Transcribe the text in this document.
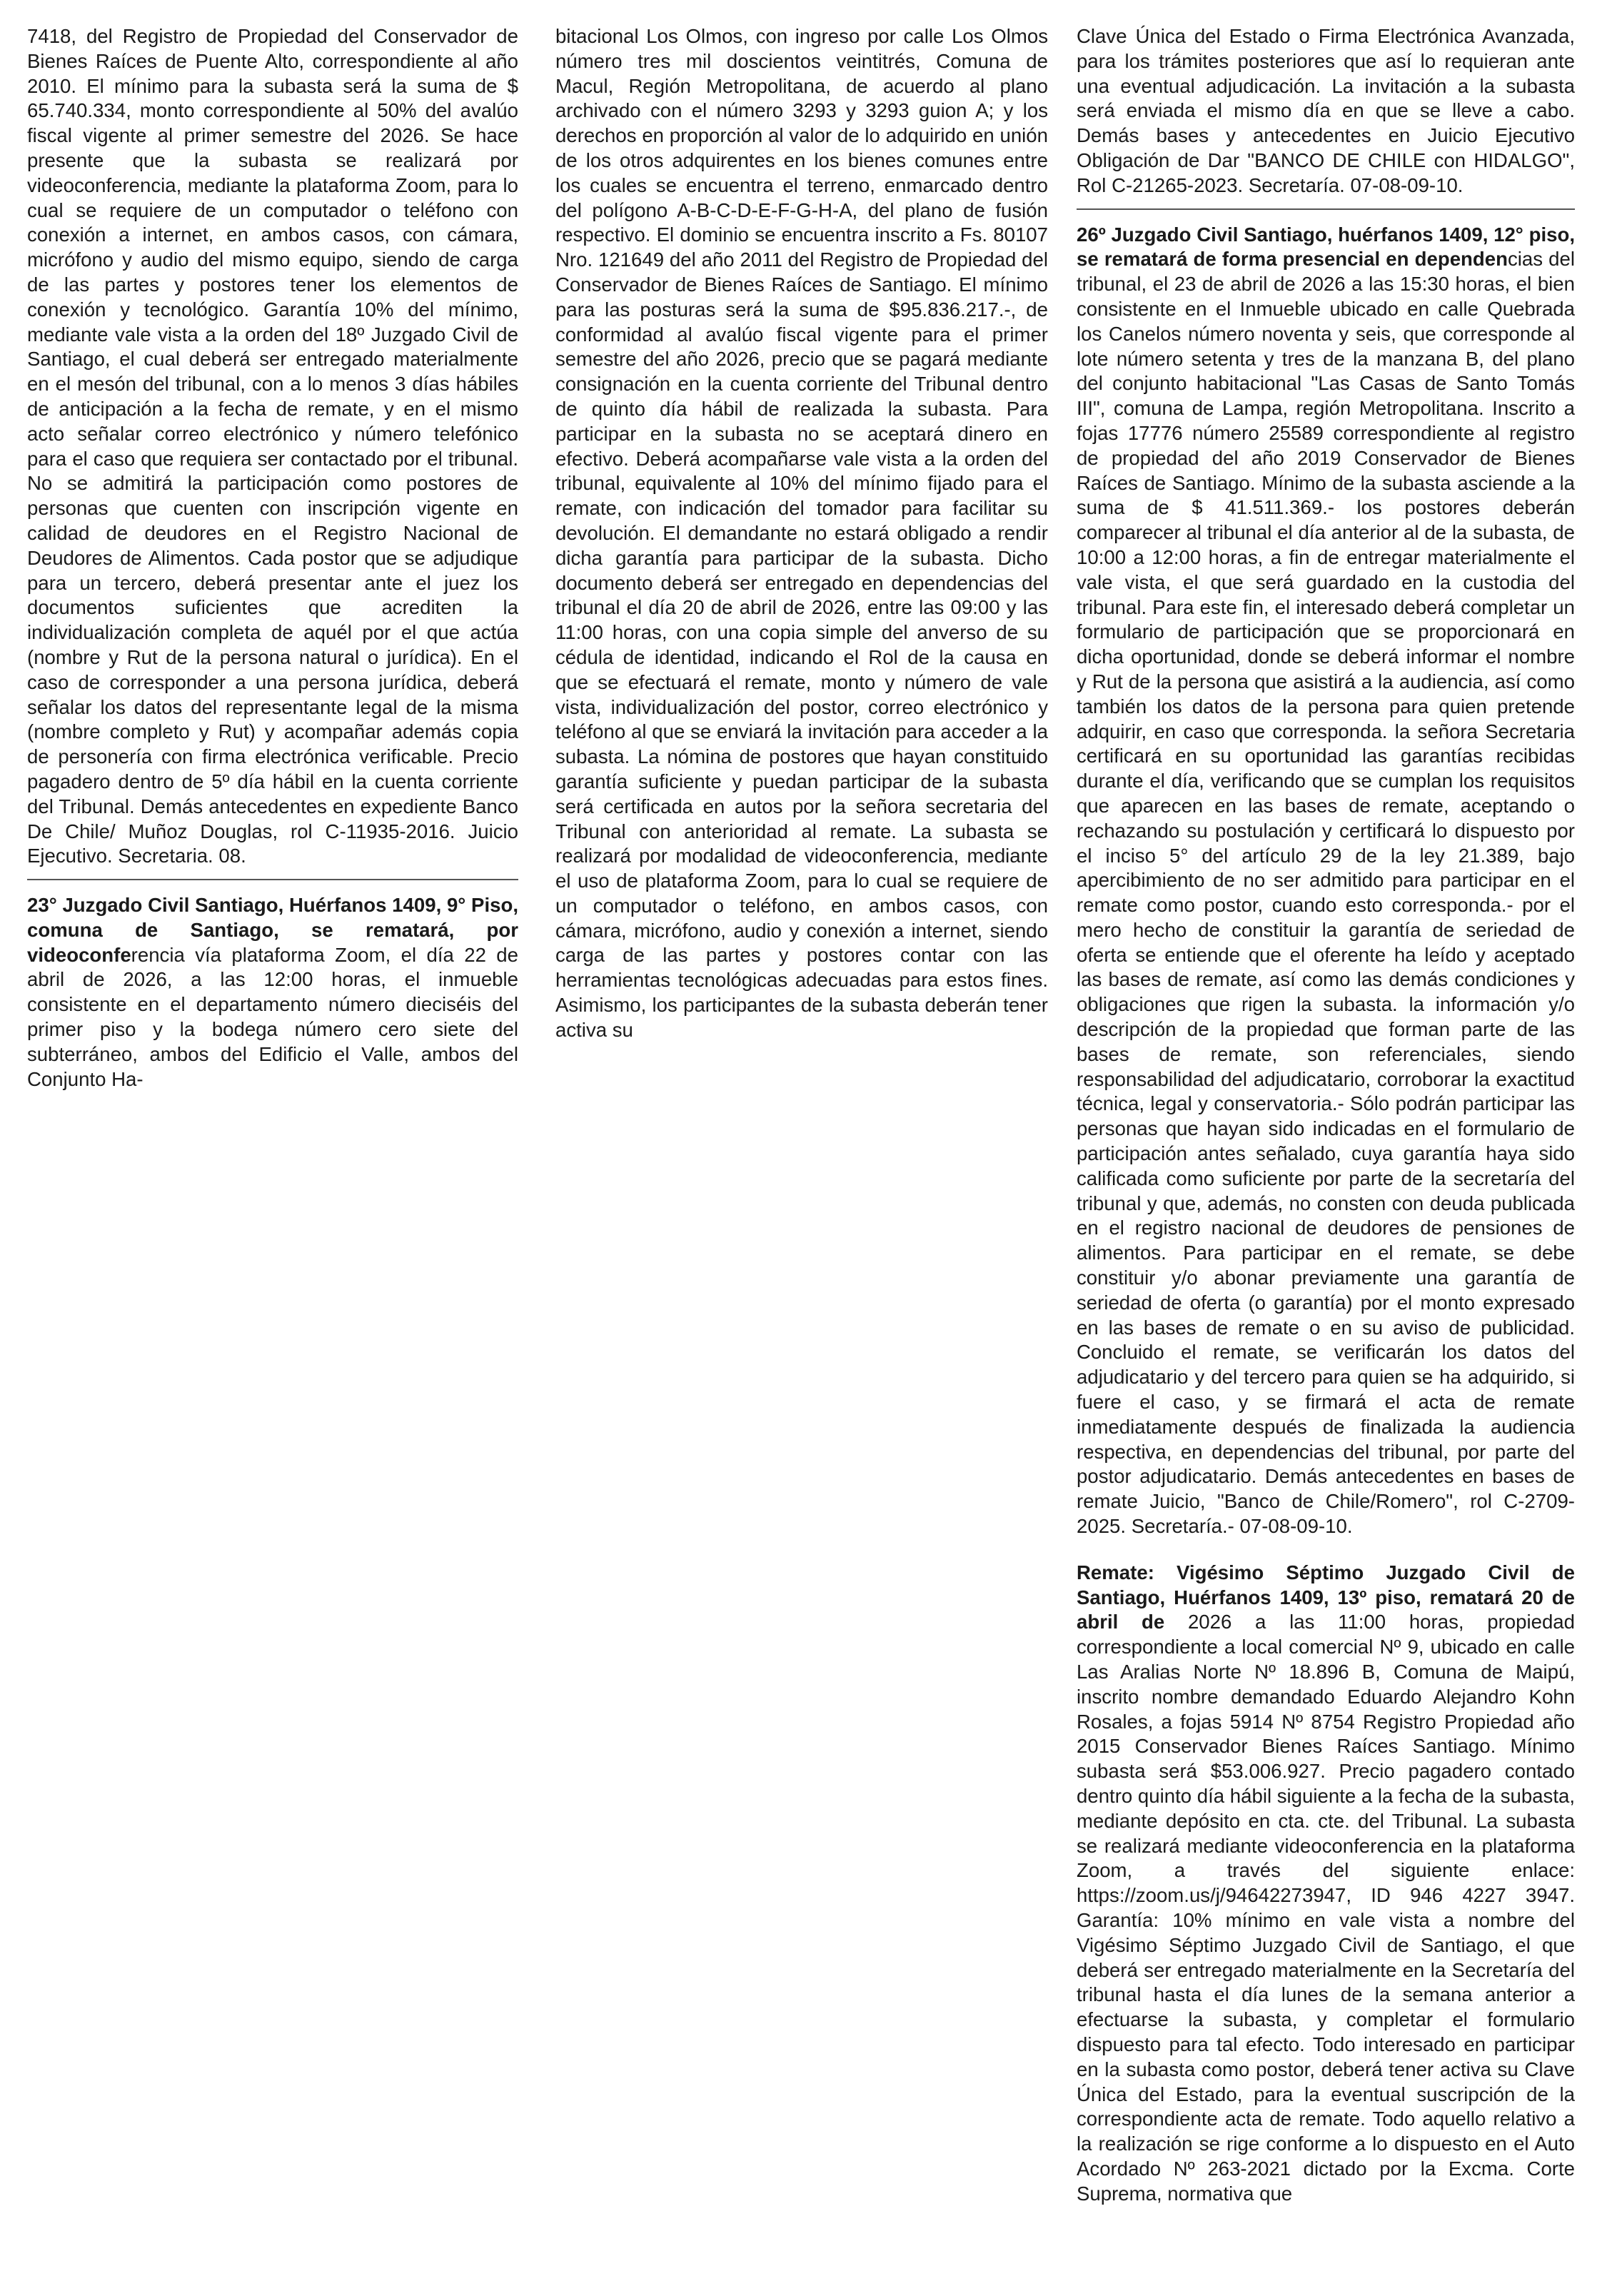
7418, del Registro de Propiedad del Conservador de Bienes Raíces de Puente Alto, correspondiente al año 2010. El mínimo para la subasta será la suma de $ 65.740.334, monto correspondiente al 50% del avalúo fiscal vigente al primer semestre del 2026. Se hace presente que la subasta se realizará por videoconferencia, mediante la plataforma Zoom, para lo cual se requiere de un computador o teléfono con conexión a internet, en ambos casos, con cámara, micrófono y audio del mismo equipo, siendo de carga de las partes y postores tener los elementos de conexión y tecnológico. Garantía 10% del mínimo, mediante vale vista a la orden del 18º Juzgado Civil de Santiago, el cual deberá ser entregado materialmente en el mesón del tribunal, con a lo menos 3 días hábiles de anticipación a la fecha de remate, y en el mismo acto señalar correo electrónico y número telefónico para el caso que requiera ser contactado por el tribunal. No se admitirá la participación como postores de personas que cuenten con inscripción vigente en calidad de deudores en el Registro Nacional de Deudores de Alimentos. Cada postor que se adjudique para un tercero, deberá presentar ante el juez los documentos suficientes que acrediten la individualización completa de aquél por el que actúa (nombre y Rut de la persona natural o jurídica). En el caso de corresponder a una persona jurídica, deberá señalar los datos del representante legal de la misma (nombre completo y Rut) y acompañar además copia de personería con firma electrónica verificable. Precio pagadero dentro de 5º día hábil en la cuenta corriente del Tribunal. Demás antecedentes en expediente Banco De Chile/ Muñoz Douglas, rol C-11935-2016. Juicio Ejecutivo. Secretaria. 08.

23° Juzgado Civil Santiago, Huérfanos 1409, 9° Piso, comuna de Santiago, se rematará, por videoconferencia vía plataforma Zoom, el día 22 de abril de 2026, a las 12:00 horas, el inmueble consistente en el departamento número dieciséis del primer piso y la bodega número cero siete del subterráneo, ambos del Edificio el Valle, ambos del Conjunto Ha-

bitacional Los Olmos, con ingreso por calle Los Olmos número tres mil doscientos veintitrés, Comuna de Macul, Región Metropolitana, de acuerdo al plano archivado con el número 3293 y 3293 guion A; y los derechos en proporción al valor de lo adquirido en unión de los otros adquirentes en los bienes comunes entre los cuales se encuentra el terreno, enmarcado dentro del polígono A-B-C-D-E-F-G-H-A, del plano de fusión respectivo. El dominio se encuentra inscrito a Fs. 80107 Nro. 121649 del año 2011 del Registro de Propiedad del Conservador de Bienes Raíces de Santiago. El mínimo para las posturas será la suma de $95.836.217.-, de conformidad al avalúo fiscal vigente para el primer semestre del año 2026, precio que se pagará mediante consignación en la cuenta corriente del Tribunal dentro de quinto día hábil de realizada la subasta. Para participar en la subasta no se aceptará dinero en efectivo. Deberá acompañarse vale vista a la orden del tribunal, equivalente al 10% del mínimo fijado para el remate, con indicación del tomador para facilitar su devolución. El demandante no estará obligado a rendir dicha garantía para participar de la subasta. Dicho documento deberá ser entregado en dependencias del tribunal el día 20 de abril de 2026, entre las 09:00 y las 11:00 horas, con una copia simple del anverso de su cédula de identidad, indicando el Rol de la causa en que se efectuará el remate, monto y número de vale vista, individualización del postor, correo electrónico y teléfono al que se enviará la invitación para acceder a la subasta. La nómina de postores que hayan constituido garantía suficiente y puedan participar de la subasta será certificada en autos por la señora secretaria del Tribunal con anterioridad al remate. La subasta se realizará por modalidad de videoconferencia, mediante el uso de plataforma Zoom, para lo cual se requiere de un computador o teléfono, en ambos casos, con cámara, micrófono, audio y conexión a internet, siendo carga de las partes y postores contar con las herramientas tecnológicas adecuadas para estos fines. Asimismo, los participantes de la subasta deberán tener activa su

Clave Única del Estado o Firma Electrónica Avanzada, para los trámites posteriores que así lo requieran ante una eventual adjudicación. La invitación a la subasta será enviada el mismo día en que se lleve a cabo. Demás bases y antecedentes en Juicio Ejecutivo Obligación de Dar "BANCO DE CHILE con HIDALGO", Rol C-21265-2023. Secretaría. 07-08-09-10.

26º Juzgado Civil Santiago, huérfanos 1409, 12° piso, se rematará de forma presencial en dependencias del tribunal, el 23 de abril de 2026 a las 15:30 horas, el bien consistente en el Inmueble ubicado en calle Quebrada los Canelos número noventa y seis, que corresponde al lote número setenta y tres de la manzana B, del plano del conjunto habitacional "Las Casas de Santo Tomás III", comuna de Lampa, región Metropolitana. Inscrito a fojas 17776 número 25589 correspondiente al registro de propiedad del año 2019 Conservador de Bienes Raíces de Santiago. Mínimo de la subasta asciende a la suma de $ 41.511.369.- los postores deberán comparecer al tribunal el día anterior al de la subasta, de 10:00 a 12:00 horas, a fin de entregar materialmente el vale vista, el que será guardado en la custodia del tribunal. Para este fin, el interesado deberá completar un formulario de participación que se proporcionará en dicha oportunidad, donde se deberá informar el nombre y Rut de la persona que asistirá a la audiencia, así como también los datos de la persona para quien pretende adquirir, en caso que corresponda. la señora Secretaria certificará en su oportunidad las garantías recibidas durante el día, verificando que se cumplan los requisitos que aparecen en las bases de remate, aceptando o rechazando su postulación y certificará lo dispuesto por el inciso 5° del artículo 29 de la ley 21.389, bajo apercibimiento de no ser admitido para participar en el remate como postor, cuando esto corresponda.- por el mero hecho de constituir la garantía de seriedad de oferta se entiende que el oferente ha leído y aceptado las bases de remate, así como las demás condiciones y obligaciones que rigen la subasta. la información y/o descripción de la propiedad que forman parte de las bases de remate, son referenciales, siendo responsabilidad del adjudicatario, corroborar la exactitud técnica, legal y conservatoria.- Sólo podrán participar las personas que hayan sido indicadas en el formulario de participación antes señalado, cuya garantía haya sido calificada como suficiente por parte de la secretaría del tribunal y que, además, no consten con deuda publicada en el registro nacional de deudores de pensiones de alimentos. Para participar en el remate, se debe constituir y/o abonar previamente una garantía de seriedad de oferta (o garantía) por el monto expresado en las bases de remate o en su aviso de publicidad. Concluido el remate, se verificarán los datos del adjudicatario y del tercero para quien se ha adquirido, si fuere el caso, y se firmará el acta de remate inmediatamente después de finalizada la audiencia respectiva, en dependencias del tribunal, por parte del postor adjudicatario. Demás antecedentes en bases de remate Juicio, "Banco de Chile/Romero", rol C-2709- 2025. Secretaría.- 07-08-09-10.

Remate: Vigésimo Séptimo Juzgado Civil de Santiago, Huérfanos 1409, 13º piso, rematará 20 de abril de 2026 a las 11:00 horas, propiedad correspondiente a local comercial Nº 9, ubicado en calle Las Aralias Norte Nº 18.896 B, Comuna de Maipú, inscrito nombre demandado Eduardo Alejandro Kohn Rosales, a fojas 5914 Nº 8754 Registro Propiedad año 2015 Conservador Bienes Raíces Santiago. Mínimo subasta será $53.006.927. Precio pagadero contado dentro quinto día hábil siguiente a la fecha de la subasta, mediante depósito en cta. cte. del Tribunal. La subasta se realizará mediante videoconferencia en la plataforma Zoom, a través del siguiente enlace: https://zoom.us/j/94642273947, ID 946 4227 3947. Garantía: 10% mínimo en vale vista a nombre del Vigésimo Séptimo Juzgado Civil de Santiago, el que deberá ser entregado materialmente en la Secretaría del tribunal hasta el día lunes de la semana anterior a efectuarse la subasta, y completar el formulario dispuesto para tal efecto. Todo interesado en participar en la subasta como postor, deberá tener activa su Clave Única del Estado, para la eventual suscripción de la correspondiente acta de remate. Todo aquello relativo a la realización se rige conforme a lo dispuesto en el Auto Acordado Nº 263-2021 dictado por la Excma. Corte Suprema, normativa que
